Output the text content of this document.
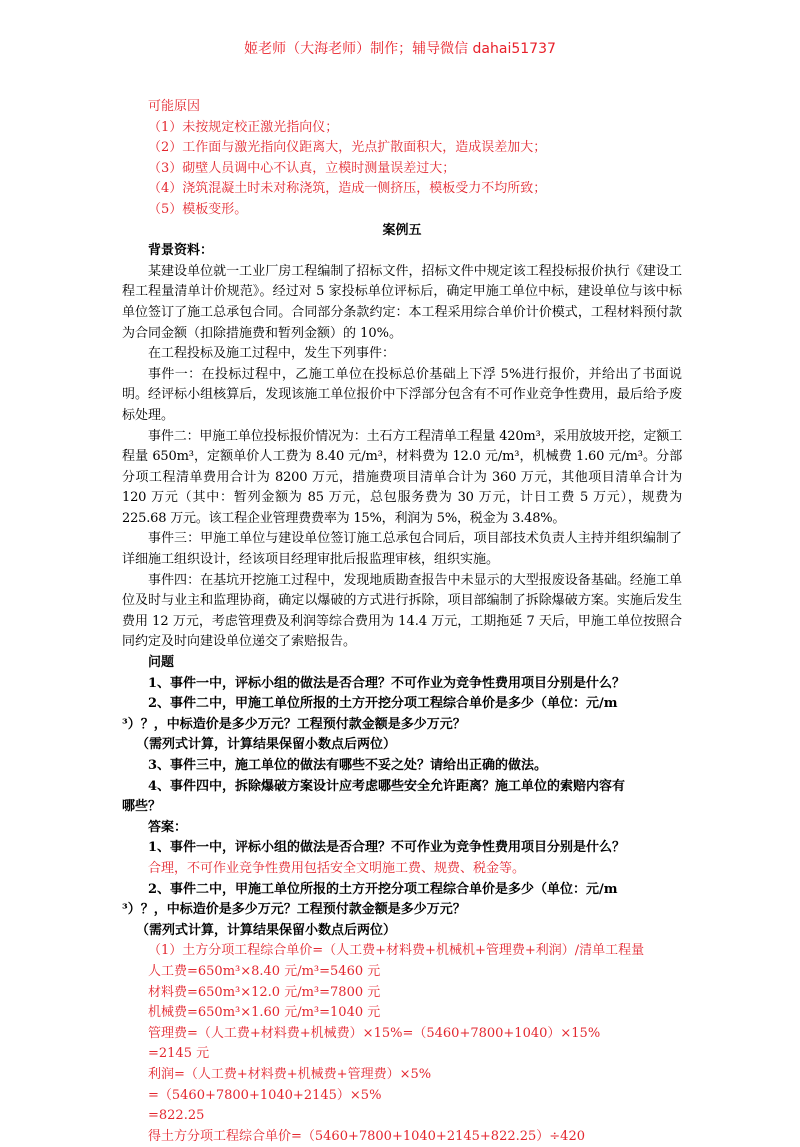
姬老师（大海老师）制作；辅导微信 dahai51737
可能原因
（1）未按规定校正激光指向仪；
（2）工作面与激光指向仪距离大，光点扩散面积大，造成误差加大；
（3）砌壁人员调中心不认真，立模时测量误差过大；
（4）浇筑混凝土时未对称浇筑，造成一侧挤压，模板受力不均所致；
（5）模板变形。
案例五
背景资料：
某建设单位就一工业厂房工程编制了招标文件，招标文件中规定该工程投标报价执行《建设工程工程量清单计价规范》。经过对 5 家投标单位评标后，确定甲施工单位中标，建设单位与该中标单位签订了施工总承包合同。合同部分条款约定：本工程采用综合单价计价模式，工程材料预付款为合同金额（扣除措施费和暂列金额）的 10%。
在工程投标及施工过程中，发生下列事件：
事件一：在投标过程中，乙施工单位在投标总价基础上下浮 5%进行报价，并给出了书面说明。经评标小组核算后，发现该施工单位报价中下浮部分包含有不可作业竞争性费用，最后给予废标处理。
事件二：甲施工单位投标报价情况为：土石方工程清单工程量 420m³，采用放坡开挖，定额工程量 650m³，定额单价人工费为 8.40 元/m³，材料费为 12.0 元/m³，机械费 1.60 元/m³。分部分项工程清单费用合计为 8200 万元，措施费项目清单合计为 360 万元，其他项目清单合计为 120 万元（其中：暂列金额为 85 万元，总包服务费为 30 万元，计日工费 5 万元），规费为 225.68 万元。该工程企业管理费费率为 15%，利润为 5%，税金为 3.48%。
事件三：甲施工单位与建设单位签订施工总承包合同后，项目部技术负责人主持并组织编制了详细施工组织设计，经该项目经理审批后报监理审核，组织实施。
事件四：在基坑开挖施工过程中，发现地质勘查报告中未显示的大型报废设备基础。经施工单位及时与业主和监理协商，确定以爆破的方式进行拆除，项目部编制了拆除爆破方案。实施后发生费用 12 万元，考虑管理费及利润等综合费用为 14.4 万元，工期拖延 7 天后，甲施工单位按照合同约定及时向建设单位递交了索赔报告。
问题
1、事件一中，评标小组的做法是否合理？不可作业为竞争性费用项目分别是什么？
2、事件二中，甲施工单位所报的土方开挖分项工程综合单价是多少（单位：元/m
³）？，中标造价是多少万元？工程预付款金额是多少万元？
（需列式计算，计算结果保留小数点后两位）
3、事件三中，施工单位的做法有哪些不妥之处？请给出正确的做法。
4、事件四中，拆除爆破方案设计应考虑哪些安全允许距离？施工单位的索赔内容有
哪些？
答案：
1、事件一中，评标小组的做法是否合理？不可作业为竞争性费用项目分别是什么？
合理，不可作业竞争性费用包括安全文明施工费、规费、税金等。
2、事件二中，甲施工单位所报的土方开挖分项工程综合单价是多少（单位：元/m
³）？，中标造价是多少万元？工程预付款金额是多少万元？
（需列式计算，计算结果保留小数点后两位）
（1）土方分项工程综合单价=（人工费+材料费+机械机+管理费+利润）/清单工程量
人工费=650m³×8.40 元/m³=5460 元
材料费=650m³×12.0 元/m³=7800 元
机械费=650m³×1.60 元/m³=1040 元
管理费=（人工费+材料费+机械费）×15%=（5460+7800+1040）×15%
=2145 元
利润=（人工费+材料费+机械费+管理费）×5%
=（5460+7800+1040+2145）×5%
=822.25
得土方分项工程综合单价=（5460+7800+1040+2145+822.25）÷420
